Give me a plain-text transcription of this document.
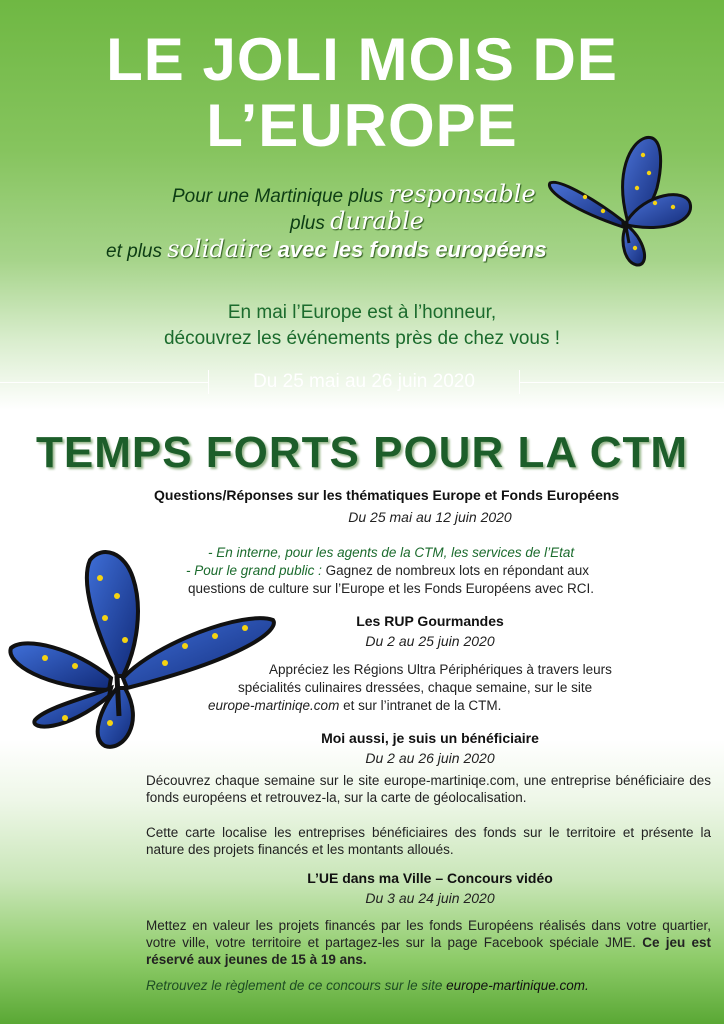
LE JOLI MOIS DE
L’EUROPE
Pour une Martinique plus responsable
plus durable
et plus solidaire avec les fonds européens
En mai l’Europe est à l’honneur,
découvrez les événements près de chez vous !
Du 25 mai au 26 juin 2020
TEMPS FORTS POUR LA CTM
Questions/Réponses sur les thématiques Europe et Fonds Européens
Du 25 mai au 12 juin 2020
- En interne, pour les agents de la CTM, les services de l’Etat
- Pour le grand public : Gagnez de nombreux lots en répondant aux
questions de culture sur l’Europe et les Fonds Européens avec RCI.
Les RUP Gourmandes
Du 2 au 25 juin 2020
Appréciez les Régions Ultra Périphériques à travers leurs
spécialités culinaires dressées, chaque semaine, sur le site
europe-martiniqe.com et sur l’intranet de la CTM.
Moi aussi, je suis un bénéficiaire
Du 2 au 26 juin 2020
Découvrez chaque semaine sur le site europe-martiniqe.com, une entreprise bénéficiaire des fonds européens et retrouvez-la, sur la carte de géolocalisation.
Cette carte localise les entreprises bénéficiaires des fonds sur le territoire et présente la nature des projets financés et les montants alloués.
L’UE dans ma Ville – Concours vidéo
Du 3 au 24 juin 2020
Mettez en valeur les projets financés par les fonds Européens réalisés dans votre quartier, votre ville, votre territoire et partagez-les sur la page Facebook spéciale JME. Ce jeu est réservé aux jeunes de 15 à 19 ans.
Retrouvez le règlement de ce concours sur le site europe-martinique.com.
